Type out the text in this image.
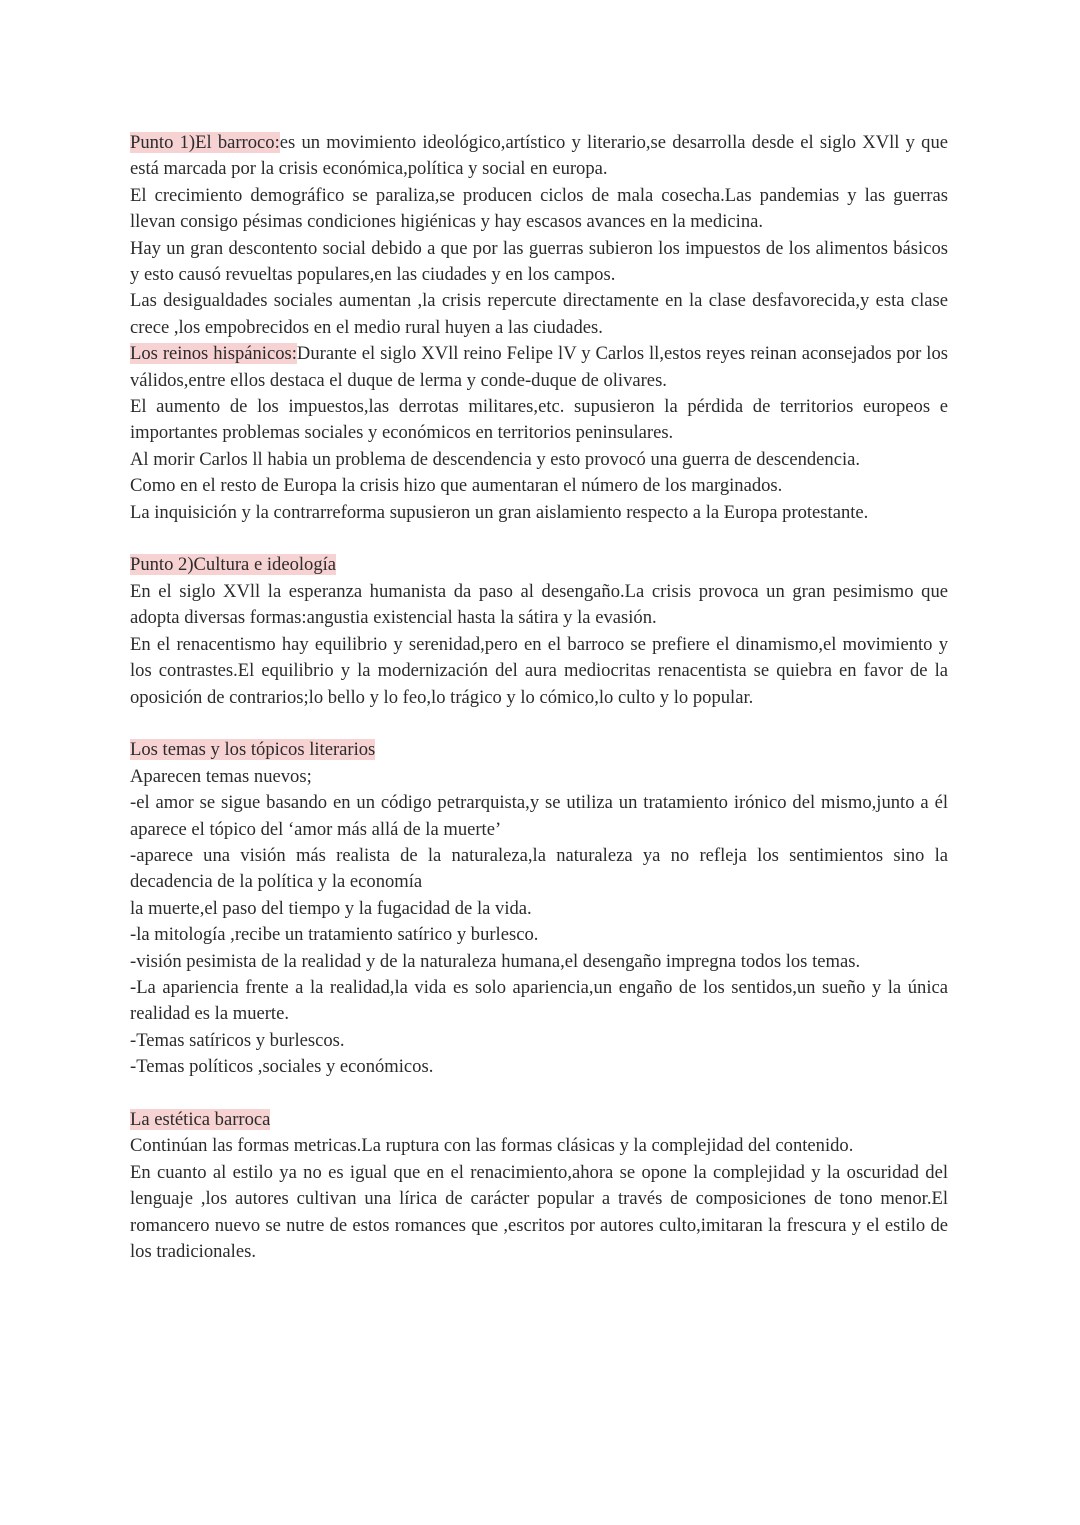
Punto 1)El barroco:es un movimiento ideológico,artístico y literario,se desarrolla desde el siglo XVll y que está marcada por la crisis económica,política y social en europa.

El crecimiento demográfico se paraliza,se producen ciclos de mala cosecha.Las pandemias y las guerras llevan consigo pésimas condiciones higiénicas y hay escasos avances en la medicina.

Hay un gran descontento social debido a que por las guerras subieron los impuestos de los alimentos básicos y esto causó revueltas populares,en las ciudades y en los campos.

Las desigualdades sociales aumentan ,la crisis repercute directamente en la clase desfavorecida,y esta clase crece ,los empobrecidos en el medio rural huyen a las ciudades.

Los reinos hispánicos:Durante el siglo XVll reino Felipe lV y Carlos ll,estos reyes reinan aconsejados por los válidos,entre ellos destaca el duque de lerma y conde-duque de olivares.

El aumento de los impuestos,las derrotas militares,etc. supusieron la pérdida de territorios europeos e importantes problemas sociales y económicos en territorios peninsulares.

Al morir Carlos ll habia un problema de descendencia y esto provocó una guerra de descendencia.

Como en el resto de Europa la crisis hizo que aumentaran el número de los marginados.

La inquisición y la contrarreforma supusieron un gran aislamiento respecto a la Europa protestante.

Punto 2)Cultura e ideología

En el siglo XVll la esperanza humanista da paso al desengaño.La crisis provoca un gran pesimismo que adopta diversas formas:angustia existencial hasta la sátira y la evasión.

En el renacentismo hay equilibrio y serenidad,pero en el barroco se prefiere el dinamismo,el movimiento y los contrastes.El equilibrio y la modernización del aura mediocritas renacentista se quiebra en favor de la oposición de contrarios;lo bello y lo feo,lo trágico y lo cómico,lo culto y lo popular.

Los temas y los tópicos literarios

Aparecen temas nuevos;

-el amor se sigue basando en un código petrarquista,y se utiliza un tratamiento irónico del mismo,junto a él aparece el tópico del ‘amor más allá de la muerte’

-aparece una visión más realista de la naturaleza,la naturaleza ya no refleja los sentimientos sino la decadencia de la política y la economía

la muerte,el paso del tiempo y la fugacidad de la vida.

-la mitología ,recibe un tratamiento satírico y burlesco.

-visión pesimista de la realidad y de la naturaleza humana,el desengaño impregna todos los temas.

-La apariencia frente a la realidad,la vida es solo apariencia,un engaño de los sentidos,un sueño y la única realidad es la muerte.

-Temas satíricos y burlescos.

-Temas políticos ,sociales y económicos.

La estética barroca

Continúan las formas metricas.La ruptura con las formas clásicas y la complejidad del contenido.

En cuanto al estilo ya no es igual que en el renacimiento,ahora se opone la complejidad y la oscuridad del lenguaje ,los autores cultivan una lírica de carácter popular a través de composiciones de tono menor.El romancero nuevo se nutre de estos romances que ,escritos por autores culto,imitaran la frescura y el estilo de los tradicionales.
